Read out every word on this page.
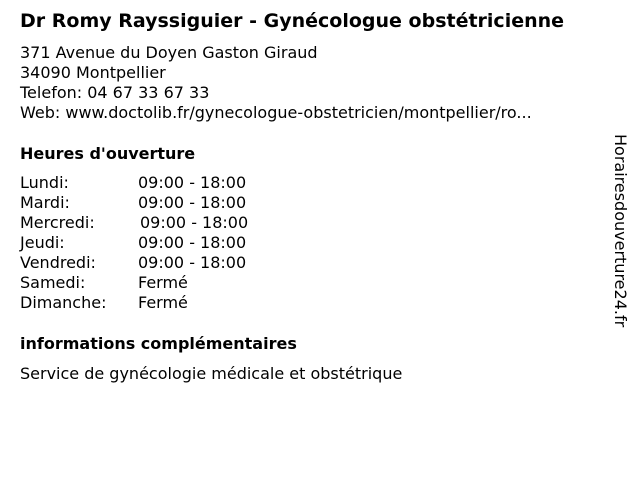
Dr Romy Rayssiguier - Gynécologue obstétricienne
371 Avenue du Doyen Gaston Giraud
34090 Montpellier
Telefon: 04 67 33 67 33
Web: www.doctolib.fr/gynecologue-obstetricien/montpellier/ro...
Heures d'ouverture
Lundi:	09:00 - 18:00
Mardi:	09:00 - 18:00
Mercredi:	09:00 - 18:00
Jeudi:	09:00 - 18:00
Vendredi:	09:00 - 18:00
Samedi:	Fermé
Dimanche: Fermé
informations complémentaires
Service de gynécologie médicale et obstétrique
Horairesdouverture24.fr
